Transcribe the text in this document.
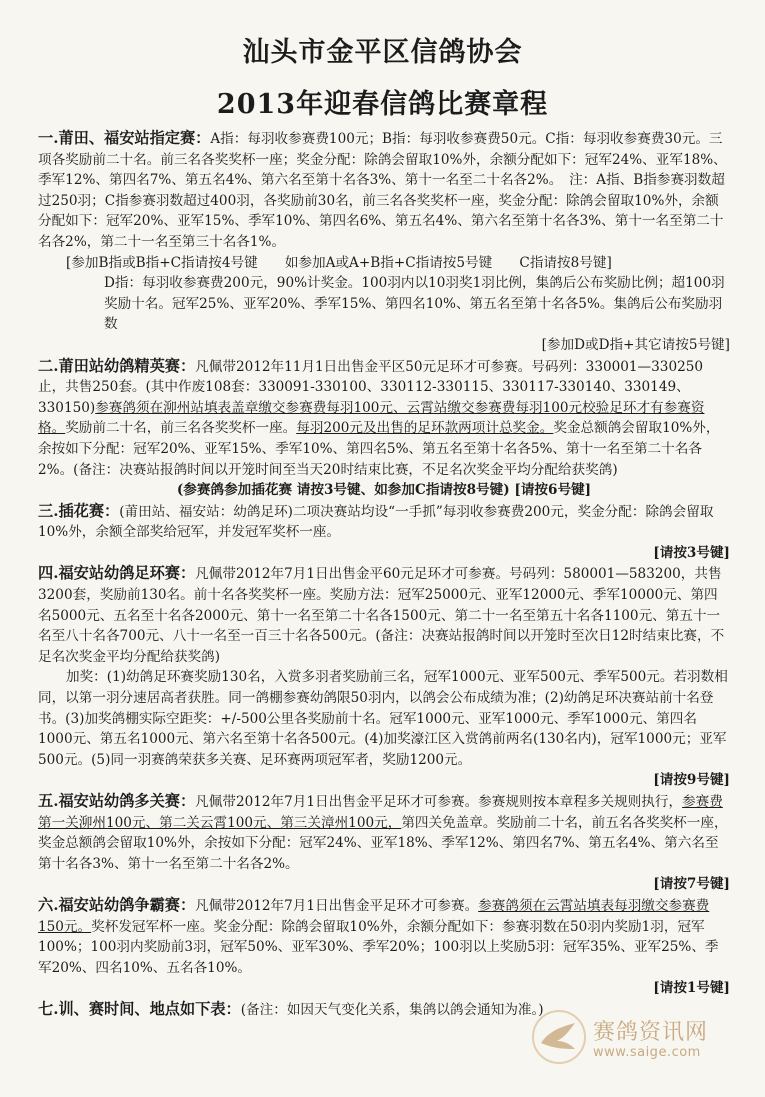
汕头市金平区信鸽协会
2013年迎春信鸽比赛章程
一.莆田、福安站指定赛：A指：每羽收参赛费100元；B指：每羽收参赛费50元。C指：每羽收参赛费30元。三项各奖励前二十名。前三名各奖奖杯一座；奖金分配：除鸽会留取10%外，余额分配如下：冠军24%、亚军18%、季军12%、第四名7%、第五名4%、第六名至第十名各3%、第十一名至二十名各2%。　注：A指、B指参赛羽数超过250羽；C指参赛羽数超过400羽，各奖励前30名，前三名各奖奖杯一座，奖金分配：除鸽会留取10%外，余额分配如下：冠军20%、亚军15%、季军10%、第四名6%、第五名4%、第六名至第十名各3%、第十一名至第二十名各2%，第二十一名至第三十名各1%。
[参加B指或B指+C指请按4号键　　如参加A或A+B指+C指请按5号键　　C指请按8号键]
D指：每羽收参赛费200元，90%计奖金。100羽内以10羽奖1羽比例，集鸽后公布奖励比例；超100羽奖励十名。冠军25%、亚军20%、季军15%、第四名10%、第五名至第十名各5%。集鸽后公布奖励羽数
[参加D或D指+其它请按5号键]
二.莆田站幼鸽精英赛：凡佩带2012年11月1日出售金平区50元足环才可参赛。号码列：330001—330250止，共售250套。(其中作废108套：330091-330100、330112-330115、330117-330140、330149、330150)参赛鸽须在泖州站填表盖章缴交参赛费每羽100元、云霄站缴交参赛费每羽100元校验足环才有参赛资格。奖励前二十名，前三名各奖奖杯一座。每羽200元及出售的足环款两项计总奖金。奖金总额鸽会留取10%外，余按如下分配：冠军20%、亚军15%、季军10%、第四名5%、第五名至第十名各5%、第十一名至第二十名各2%。(备注：决赛站报鸽时间以开笼时间至当天20时结束比赛，不足名次奖金平均分配给获奖鸽)
(参赛鸽参加插花赛 请按3号键、如参加C指请按8号键) [请按6号键]
三.插花赛：(莆田站、福安站：幼鸽足环)二项决赛站均设“一手抓”每羽收参赛费200元，奖金分配：除鸽会留取10%外，余额全部奖给冠军，并发冠军奖杯一座。
[请按3号键]
四.福安站幼鸽足环赛：凡佩带2012年7月1日出售金平60元足环才可参赛。号码列：580001—583200，共售3200套，奖励前130名。前十名各奖奖杯一座。奖励方法：冠军25000元、亚军12000元、季军10000元、第四名5000元、五名至十名各2000元、第十一名至第二十名各1500元、第二十一名至第五十名各1100元、第五十一名至八十名各700元、八十一名至一百三十名各500元。(备注：决赛站报鸽时间以开笼时至次日12时结束比赛，不足名次奖金平均分配给获奖鸽)
加奖：(1)幼鸽足环赛奖励130名，入赏多羽者奖励前三名，冠军1000元、亚军500元、季军500元。若羽数相同，以第一羽分速居高者获胜。同一鸽棚参赛幼鸽限50羽内，以鸽会公布成绩为准；(2)幼鸽足环决赛站前十名登书。(3)加奖鸽棚实际空距奖：+/-500公里各奖励前十名。冠军1000元、亚军1000元、季军1000元、第四名1000元、第五名1000元、第六名至第十名各500元。(4)加奖濠江区入赏鸽前两名(130名内)，冠军1000元；亚军500元。(5)同一羽赛鸽荣获多关赛、足环赛两项冠军者，奖励1200元。
[请按9号键]
五.福安站幼鸽多关赛：凡佩带2012年7月1日出售金平足环才可参赛。参赛规则按本章程多关规则执行，参赛费第一关泖州100元、第二关云霄100元、第三关漳州100元，第四关免盖章。奖励前二十名，前五名各奖奖杯一座，奖金总额鸽会留取10%外，余按如下分配：冠军24%、亚军18%、季军12%、第四名7%、第五名4%、第六名至第十名各3%、第十一名至第二十名各2%。
[请按7号键]
六.福安站幼鸽争霸赛：凡佩带2012年7月1日出售金平足环才可参赛。参赛鸽须在云霄站填表每羽缴交参赛费150元。奖杯发冠军杯一座。奖金分配：除鸽会留取10%外，余额分配如下：参赛羽数在50羽内奖励1羽，冠军100%；100羽内奖励前3羽，冠军50%、亚军30%、季军20%；100羽以上奖励5羽：冠军35%、亚军25%、季军20%、四名10%、五名各10%。
[请按1号键]
七.训、赛时间、地点如下表：(备注：如因天气变化关系，集鸽以鸽会通知为准。)
赛鸽资讯网
www.saige.com
